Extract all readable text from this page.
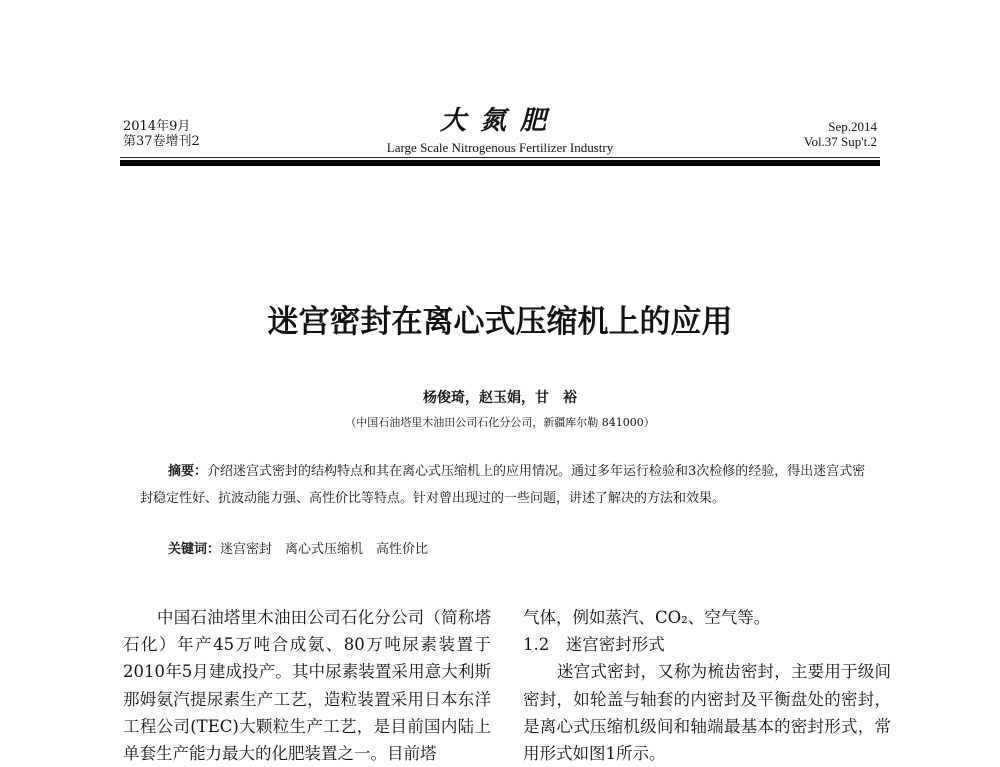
2014年9月
第37卷增刊2
大氮肥
Large Scale Nitrogenous Fertilizer Industry
Sep.2014
Vol.37 Sup't.2
迷宫密封在离心式压缩机上的应用
杨俊琦，赵玉娟，甘　裕
（中国石油塔里木油田公司石化分公司，新疆库尔勒 841000）
摘要：介绍迷宫式密封的结构特点和其在离心式压缩机上的应用情况。通过多年运行检验和3次检修的经验，得出迷宫式密封稳定性好、抗波动能力强、高性价比等特点。针对曾出现过的一些问题，讲述了解决的方法和效果。
关键词：迷宫密封　离心式压缩机　高性价比

中国石油塔里木油田公司石化分公司（简称塔石化）年产45万吨合成氨、80万吨尿素装置于2010年5月建成投产。其中尿素装置采用意大利斯那姆氨汽提尿素生产工艺，造粒装置采用日本东洋工程公司(TEC)大颗粒生产工艺，是目前国内陆上单套生产能力最大的化肥装置之一。目前塔

气体，例如蒸汽、CO₂、空气等。

1.2　迷宫密封形式

迷宫式密封，又称为梳齿密封，主要用于级间密封，如轮盖与轴套的内密封及平衡盘处的密封，是离心式压缩机级间和轴端最基本的密封形式，常用形式如图1所示。
